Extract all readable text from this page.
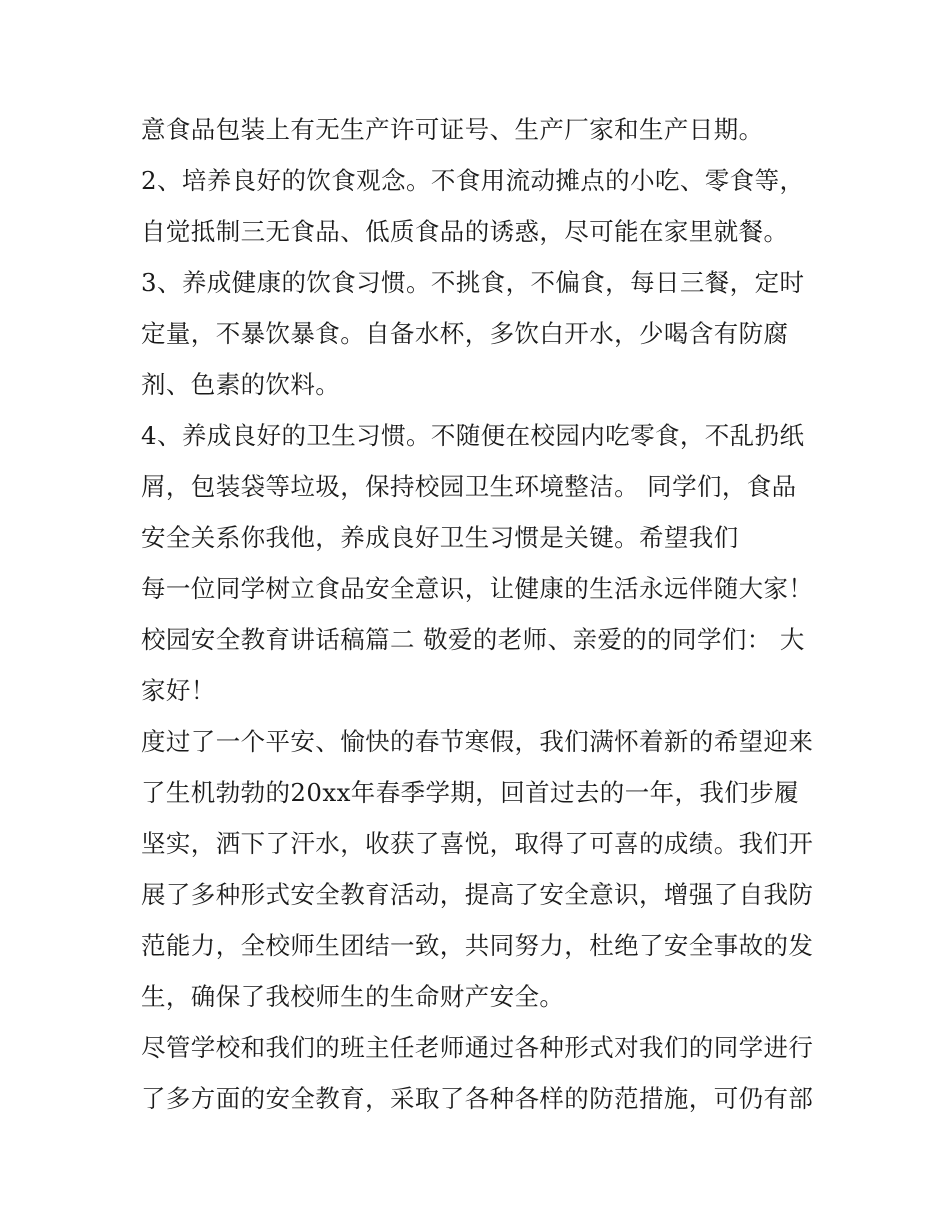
意食品包装上有无生产许可证号、生产厂家和生产日期。
2、培养良好的饮食观念。不食用流动摊点的小吃、零食等，
自觉抵制三无食品、低质食品的诱惑，尽可能在家里就餐。
3、养成健康的饮食习惯。不挑食，不偏食，每日三餐，定时
定量，不暴饮暴食。自备水杯，多饮白开水，少喝含有防腐
剂、色素的饮料。
4、养成良好的卫生习惯。不随便在校园内吃零食，不乱扔纸
屑，包装袋等垃圾，保持校园卫生环境整洁。 同学们，食品
安全关系你我他，养成良好卫生习惯是关键。希望我们
每一位同学树立食品安全意识，让健康的生活永远伴随大家！
校园安全教育讲话稿篇二 敬爱的老师、亲爱的的同学们： 大
家好！
度过了一个平安、愉快的春节寒假，我们满怀着新的希望迎来
了生机勃勃的20xx年春季学期，回首过去的一年，我们步履
坚实，洒下了汗水，收获了喜悦，取得了可喜的成绩。我们开
展了多种形式安全教育活动，提高了安全意识，增强了自我防
范能力，全校师生团结一致，共同努力，杜绝了安全事故的发
生，确保了我校师生的生命财产安全。
尽管学校和我们的班主任老师通过各种形式对我们的同学进行
了多方面的安全教育，采取了各种各样的防范措施，可仍有部
